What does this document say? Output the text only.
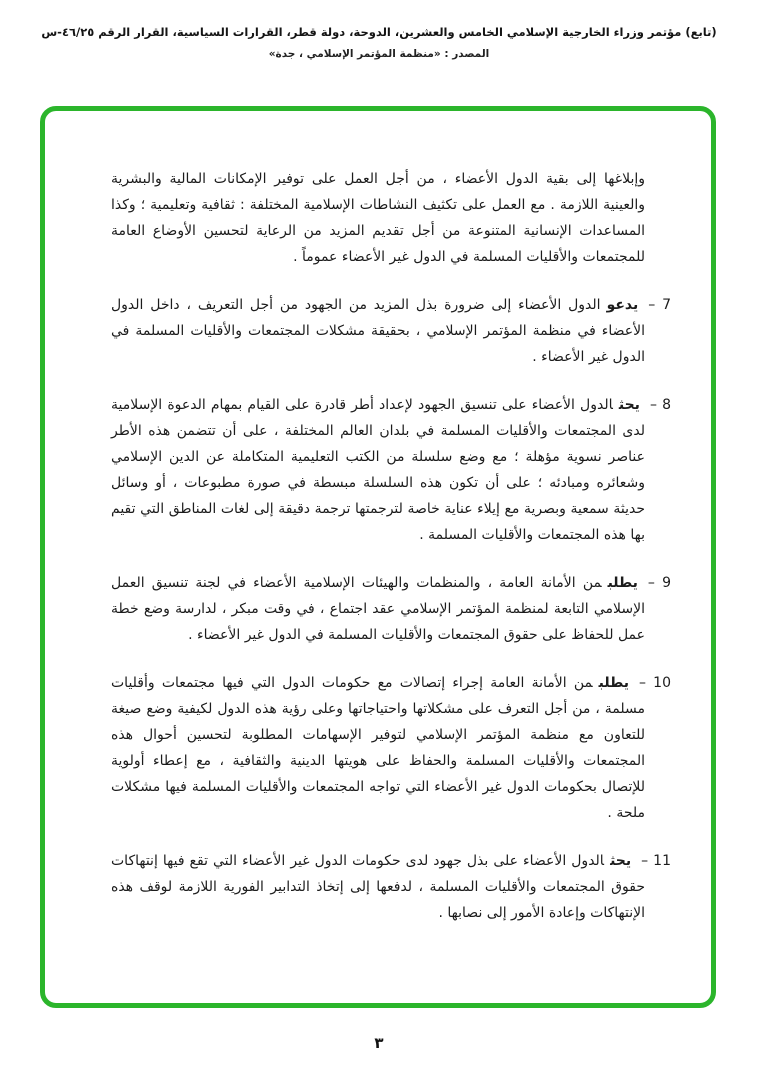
(تابع) مؤتمر وزراء الخارجية الإسلامي الخامس والعشرين، الدوحة، دولة قطر، القرارات السياسية، القرار الرقم ٤٦/٢٥-س
المصدر : «منظمة المؤتمر الإسلامي ، جدة»

وإبلاغها إلى بقية الدول الأعضاء ، من أجل العمل على توفير الإمكانات المالية والبشرية والعينية اللازمة . مع العمل على تكثيف النشاطات الإسلامية المختلفة : ثقافية وتعليمية ؛ وكذا المساعدات الإنسانية المتنوعة من أجل تقديم المزيد من الرعاية لتحسين الأوضاع العامة للمجتمعات والأقليات المسلمة في الدول غير الأعضاء عموماً .

7 –يدعوالدول الأعضاء إلى ضرورة بذل المزيد من الجهود من أجل التعريف ، داخل الدول الأعضاء في منظمة المؤتمر الإسلامي ، بحقيقة مشكلات المجتمعات والأقليات المسلمة في الدول غير الأعضاء .

8 –يحثالدول الأعضاء على تنسيق الجهود لإعداد أطر قادرة على القيام بمهام الدعوة الإسلامية لدى المجتمعات والأقليات المسلمة في بلدان العالم المختلفة ، على أن تتضمن هذه الأطر عناصر نسوية مؤهلة ؛ مع وضع سلسلة من الكتب التعليمية المتكاملة عن الدين الإسلامي وشعائره ومبادئه ؛ على أن تكون هذه السلسلة مبسطة في صورة مطبوعات ، أو وسائل حديثة سمعية وبصرية مع إيلاء عناية خاصة لترجمتها ترجمة دقيقة إلى لغات المناطق التي تقيم بها هذه المجتمعات والأقليات المسلمة .

9 –يطلبمن الأمانة العامة ، والمنظمات والهيئات الإسلامية الأعضاء في لجنة تنسيق العمل الإسلامي التابعة لمنظمة المؤتمر الإسلامي عقد اجتماع ، في وقت مبكر ، لدارسة وضع خطة عمل للحفاظ على حقوق المجتمعات والأقليات المسلمة في الدول غير الأعضاء .

10 –يطلبمن الأمانة العامة إجراء إتصالات مع حكومات الدول التي فيها مجتمعات وأقليات مسلمة ، من أجل التعرف على مشكلاتها واحتياجاتها وعلى رؤية هذه الدول لكيفية وضع صيغة للتعاون مع منظمة المؤتمر الإسلامي لتوفير الإسهامات المطلوبة لتحسين أحوال هذه المجتمعات والأقليات المسلمة والحفاظ على هويتها الدينية والثقافية ، مع إعطاء أولوية للإتصال بحكومات الدول غير الأعضاء التي تواجه المجتمعات والأقليات المسلمة فيها مشكلات ملحة .

11 –يحثالدول الأعضاء على بذل جهود لدى حكومات الدول غير الأعضاء التي تقع فيها إنتهاكات حقوق المجتمعات والأقليات المسلمة ، لدفعها إلى إتخاذ التدابير الفورية اللازمة لوقف هذه الإنتهاكات وإعادة الأمور إلى نصابها .

٣
